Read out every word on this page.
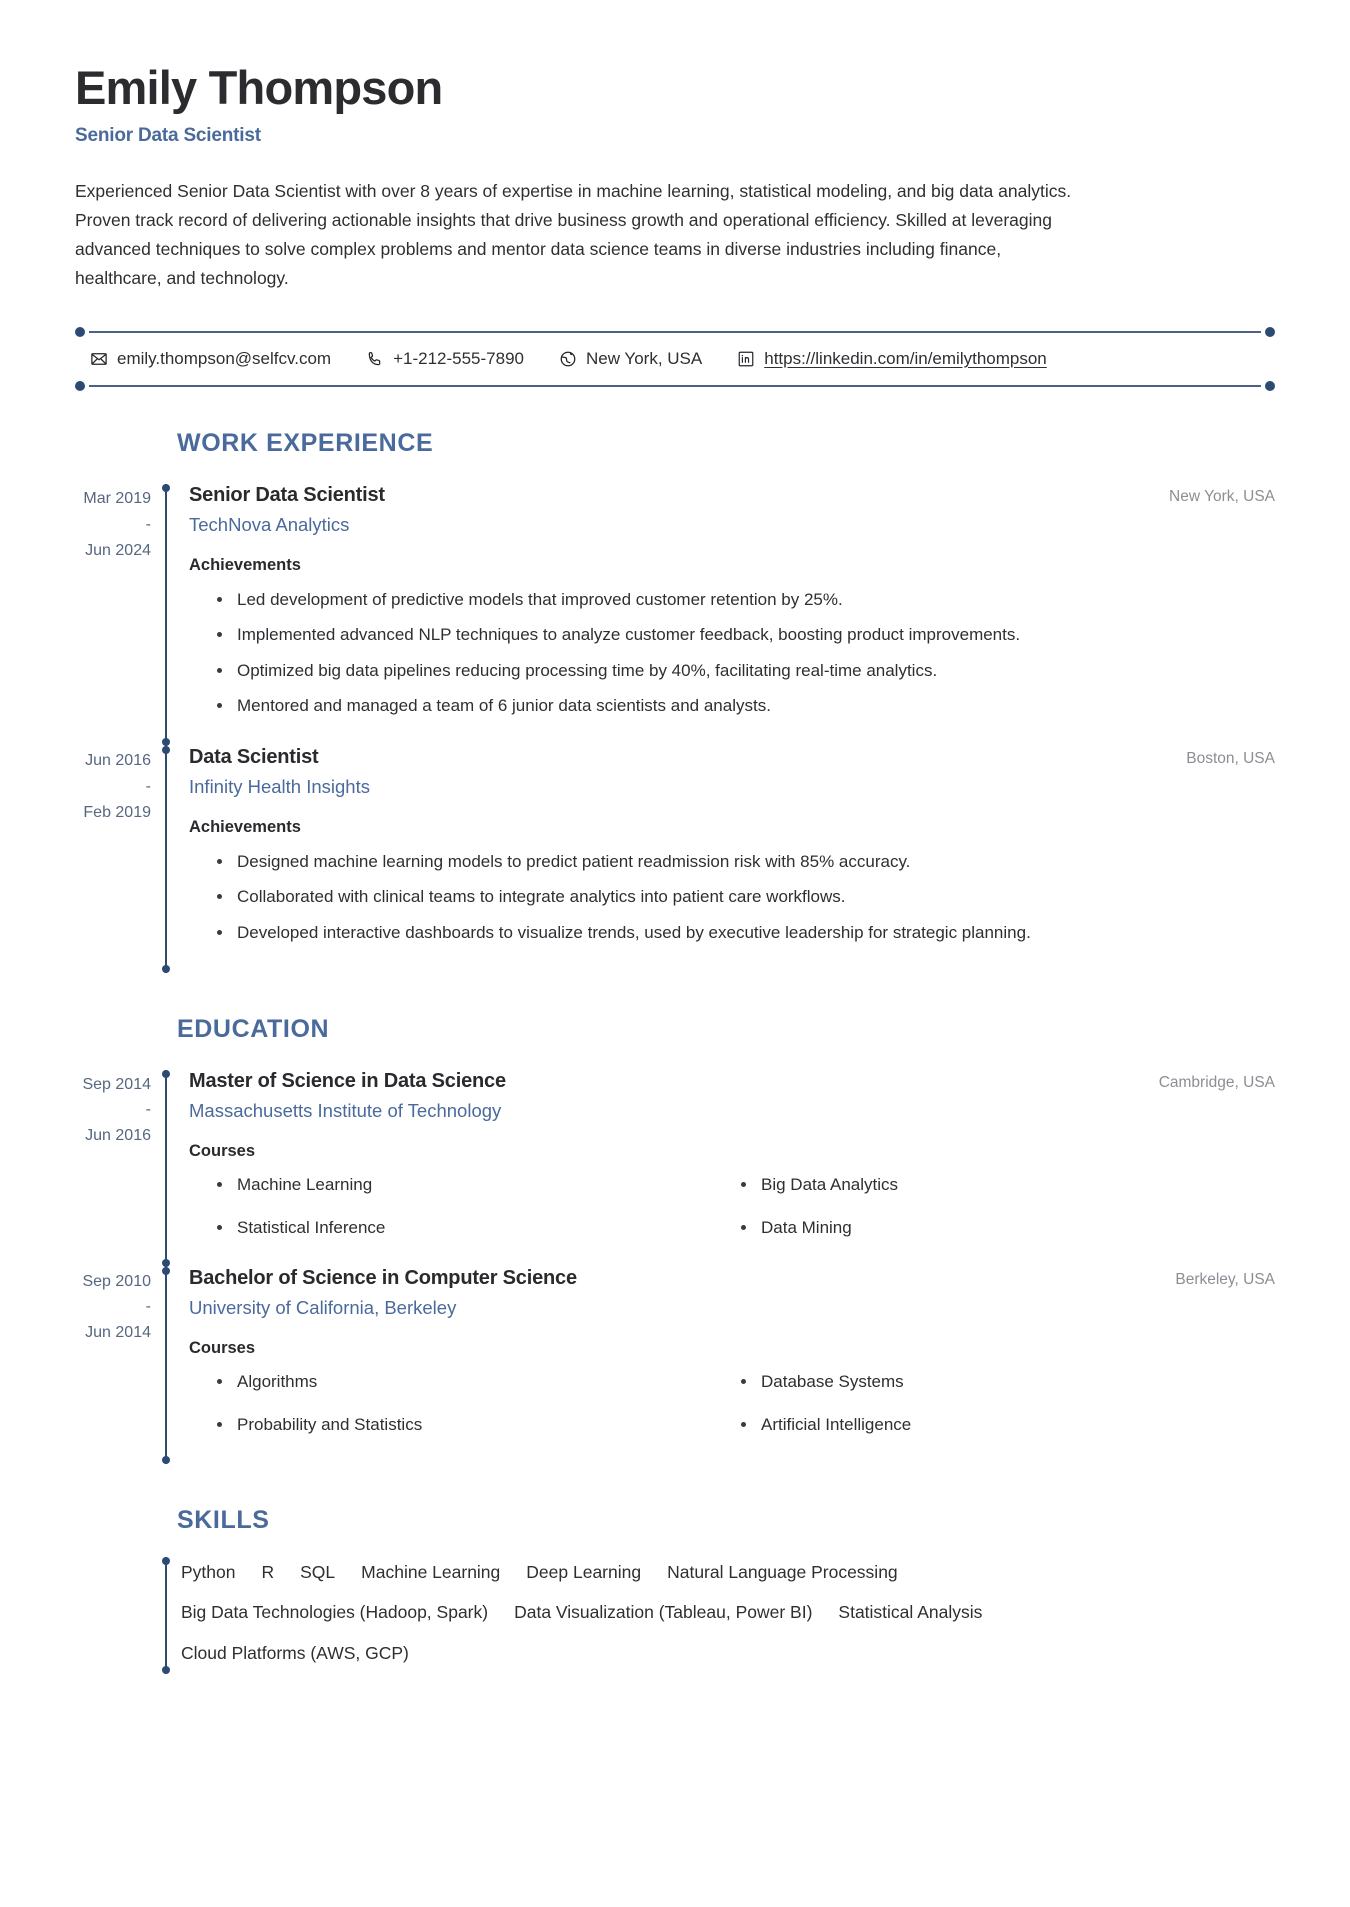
Emily Thompson
Senior Data Scientist

Experienced Senior Data Scientist with over 8 years of expertise in machine learning, statistical modeling, and big data analytics. Proven track record of delivering actionable insights that drive business growth and operational efficiency. Skilled at leveraging advanced techniques to solve complex problems and mentor data science teams in diverse industries including finance, healthcare, and technology.

emily.thompson@selfcv.com	+1-212-555-7890	New York, USA	https://linkedin.com/in/emilythompson
WORK EXPERIENCE
Mar 2019
-
Jun 2024
Senior Data Scientist	New York, USA
TechNova Analytics
Achievements
Led development of predictive models that improved customer retention by 25%.
Implemented advanced NLP techniques to analyze customer feedback, boosting product improvements.
Optimized big data pipelines reducing processing time by 40%, facilitating real-time analytics.
Mentored and managed a team of 6 junior data scientists and analysts.
Jun 2016
-
Feb 2019
Data Scientist	Boston, USA
Infinity Health Insights
Achievements
Designed machine learning models to predict patient readmission risk with 85% accuracy.
Collaborated with clinical teams to integrate analytics into patient care workflows.
Developed interactive dashboards to visualize trends, used by executive leadership for strategic planning.
EDUCATION
Sep 2014
-
Jun 2016
Master of Science in Data Science	Cambridge, USA
Massachusetts Institute of Technology
Courses
Machine Learning	Big Data Analytics
Statistical Inference	Data Mining
Sep 2010
-
Jun 2014
Bachelor of Science in Computer Science	Berkeley, USA
University of California, Berkeley
Courses
Algorithms	Database Systems
Probability and Statistics	Artificial Intelligence
SKILLS
Python R SQL Machine Learning Deep Learning Natural Language Processing
Big Data Technologies (Hadoop, Spark) Data Visualization (Tableau, Power BI) Statistical Analysis
Cloud Platforms (AWS, GCP)
